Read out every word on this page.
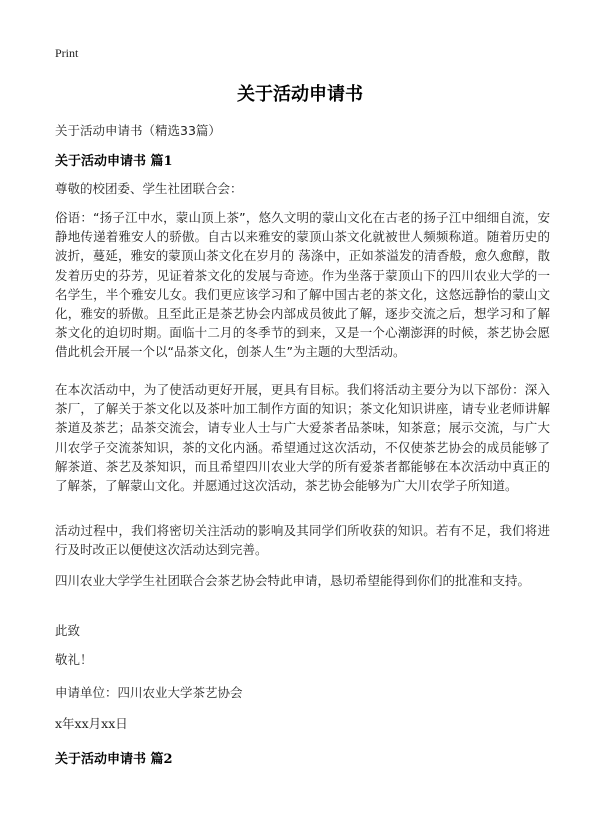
Print
关于活动申请书
关于活动申请书（精选33篇）
关于活动申请书 篇1

尊敬的校团委、学生社团联合会：

俗语：“扬子江中水，蒙山顶上茶”，悠久文明的蒙山文化在古老的扬子江中细细自流，安静地传递着雅安人的骄傲。自古以来雅安的蒙顶山茶文化就被世人频频称道。随着历史的波折，蔓延，雅安的蒙顶山茶文化在岁月的 荡涤中，正如茶溢发的清香般，愈久愈醇，散发着历史的芬芳，见证着茶文化的发展与奇迹。作为坐落于蒙顶山下的四川农业大学的一名学生，半个雅安儿女。我们更应该学习和了解中国古老的茶文化，这悠远静怡的蒙山文化，雅安的骄傲。且至此正是茶艺协会内部成员彼此了解，逐步交流之后，想学习和了解茶文化的迫切时期。面临十二月的冬季节的到来，又是一个心潮澎湃的时候，茶艺协会愿借此机会开展一个以“品茶文化，创茶人生”为主题的大型活动。

在本次活动中，为了使活动更好开展，更具有目标。我们将活动主要分为以下部份：深入茶厂，了解关于茶文化以及茶叶加工制作方面的知识；茶文化知识讲座，请专业老师讲解茶道及茶艺；品茶交流会，请专业人士与广大爱茶者品茶味，知茶意；展示交流，与广大川农学子交流茶知识，茶的文化内涵。希望通过这次活动，不仅使茶艺协会的成员能够了解茶道、茶艺及茶知识，而且希望四川农业大学的所有爱茶者都能够在本次活动中真正的了解茶，了解蒙山文化。并愿通过这次活动，茶艺协会能够为广大川农学子所知道。

活动过程中，我们将密切关注活动的影响及其同学们所收获的知识。若有不足，我们将进行及时改正以便使这次活动达到完善。

四川农业大学学生社团联合会茶艺协会特此申请，恳切希望能得到你们的批准和支持。

此致

敬礼！

申请单位：四川农业大学茶艺协会

x年xx月xx日

关于活动申请书 篇2
